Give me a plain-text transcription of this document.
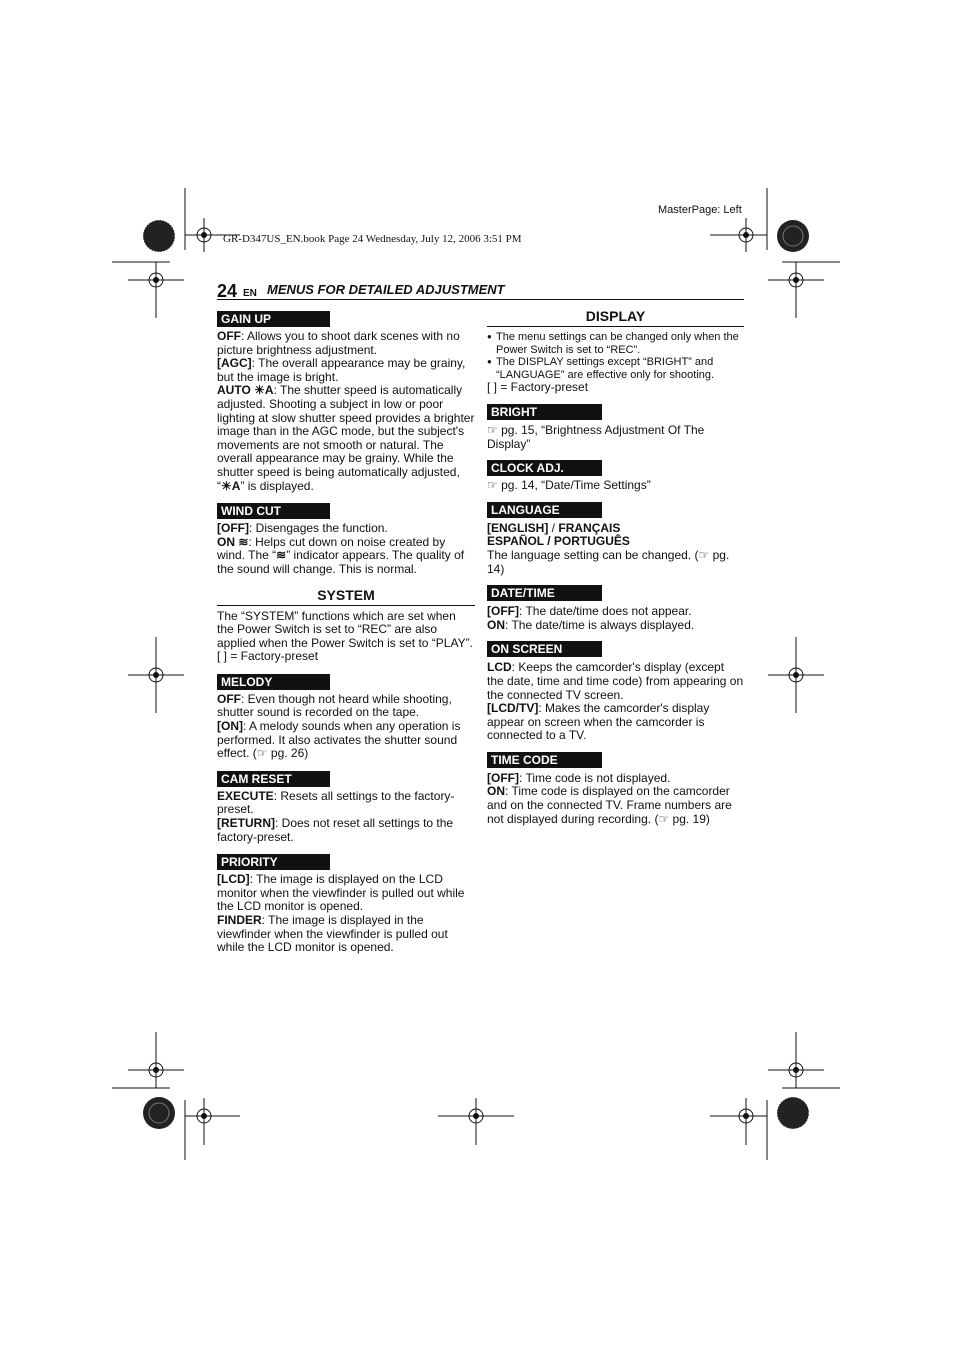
MasterPage: Left
GR-D347US_EN.book Page 24 Wednesday, July 12, 2006 3:51 PM
24 EN MENUS FOR DETAILED ADJUSTMENT
GAIN UP

OFF: Allows you to shoot dark scenes with no picture brightness adjustment.

[AGC]: The overall appearance may be grainy, but the image is bright.

AUTO ☀A: The shutter speed is automatically adjusted. Shooting a subject in low or poor lighting at slow shutter speed provides a brighter image than in the AGC mode, but the subject's movements are not smooth or natural. The overall appearance may be grainy. While the shutter speed is being automatically adjusted, “☀A” is displayed.

WIND CUT

[OFF]: Disengages the function.

ON ≋: Helps cut down on noise created by wind. The “≋” indicator appears. The quality of the sound will change. This is normal.

SYSTEM

The “SYSTEM” functions which are set when the Power Switch is set to “REC” are also applied when the Power Switch is set to “PLAY”.

[ ] = Factory-preset

MELODY

OFF: Even though not heard while shooting, shutter sound is recorded on the tape.

[ON]: A melody sounds when any operation is performed. It also activates the shutter sound effect. (☞ pg. 26)

CAM RESET

EXECUTE: Resets all settings to the factory-preset.

[RETURN]: Does not reset all settings to the factory-preset.

PRIORITY

[LCD]: The image is displayed on the LCD monitor when the viewfinder is pulled out while the LCD monitor is opened.

FINDER: The image is displayed in the viewfinder when the viewfinder is pulled out while the LCD monitor is opened.

DISPLAY

● The menu settings can be changed only when the Power Switch is set to “REC”.

● The DISPLAY settings except “BRIGHT” and “LANGUAGE” are effective only for shooting.

[ ] = Factory-preset

BRIGHT

☞ pg. 15, “Brightness Adjustment Of The Display”

CLOCK ADJ.

☞ pg. 14, “Date/Time Settings”

LANGUAGE

[ENGLISH] / FRANÇAIS

ESPAÑOL / PORTUGUÊS

The language setting can be changed. (☞ pg. 14)

DATE/TIME

[OFF]: The date/time does not appear.

ON: The date/time is always displayed.

ON SCREEN

LCD: Keeps the camcorder's display (except the date, time and time code) from appearing on the connected TV screen.

[LCD/TV]: Makes the camcorder's display appear on screen when the camcorder is connected to a TV.

TIME CODE

[OFF]: Time code is not displayed.

ON: Time code is displayed on the camcorder and on the connected TV. Frame numbers are not displayed during recording. (☞ pg. 19)
